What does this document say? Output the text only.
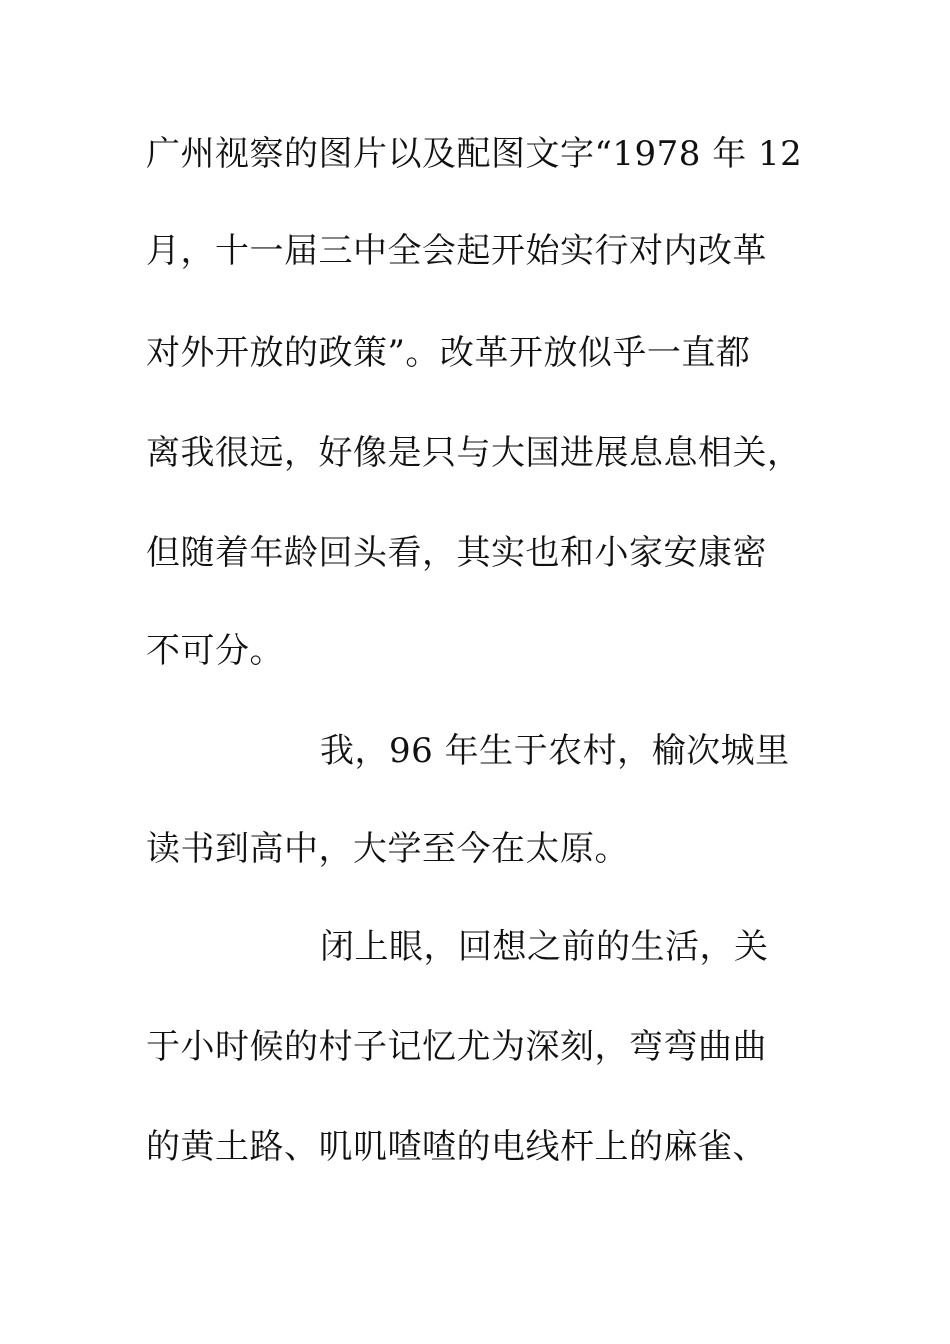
广州视察的图片以及配图文字“1978 年 12
月，十一届三中全会起开始实行对内改革
对外开放的政策”。改革开放似乎一直都
离我很远，好像是只与大国进展息息相关，
但随着年龄回头看，其实也和小家安康密
不可分。
我，96 年生于农村，榆次城里
读书到高中，大学至今在太原。
闭上眼，回想之前的生活，关
于小时候的村子记忆尤为深刻，弯弯曲曲
的黄土路、叽叽喳喳的电线杆上的麻雀、
